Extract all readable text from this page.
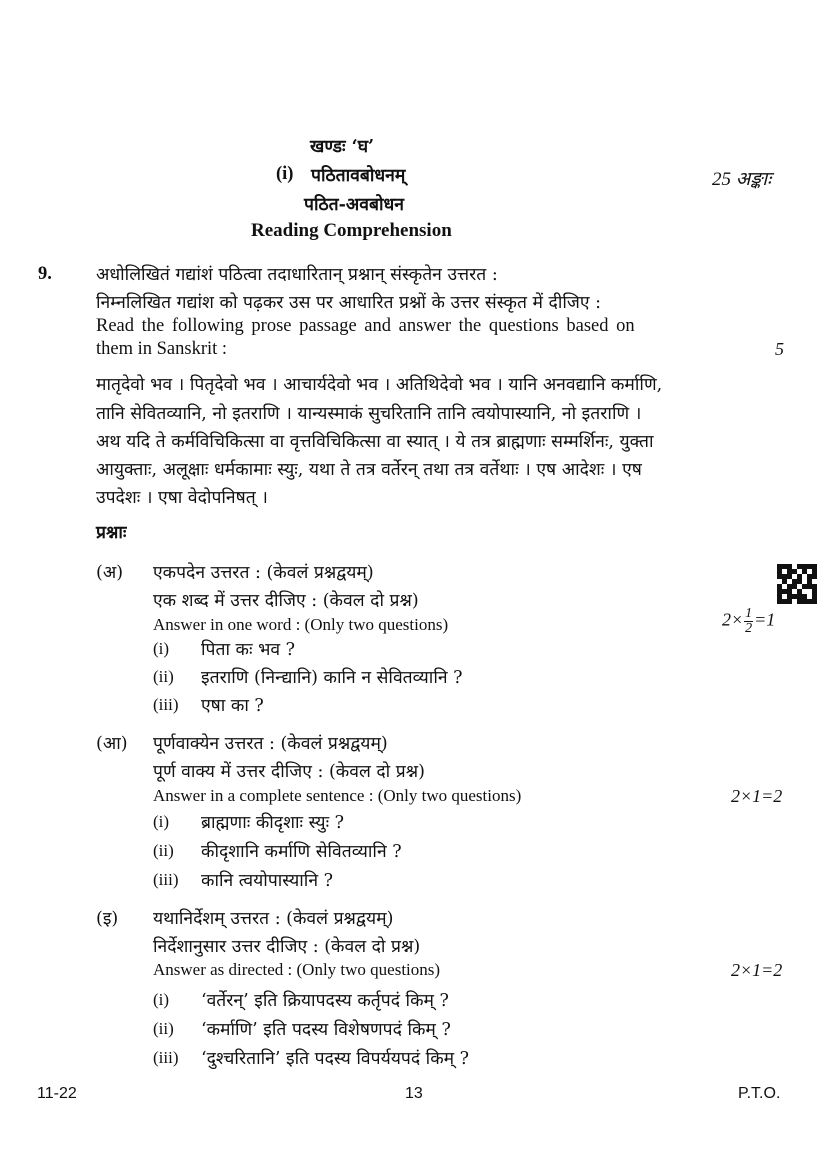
खण्डः ‘घ’
(i) पठितावबोधनम्	25 अङ्काः
पठित-अवबोधन
Reading Comprehension
9.	अधोलिखितं गद्यांशं पठित्वा तदाधारितान् प्रश्नान् संस्कृतेन उत्तरत :
निम्नलिखित गद्यांश को पढ़कर उस पर आधारित प्रश्नों के उत्तर संस्कृत में दीजिए :
Read the following prose passage and answer the questions based on
them in Sanskrit :	5
मातृदेवो भव । पितृदेवो भव । आचार्यदेवो भव । अतिथिदेवो भव । यानि अनवद्यानि कर्माणि,
तानि सेवितव्यानि, नो इतराणि । यान्यस्माकं सुचरितानि तानि त्वयोपास्यानि, नो इतराणि ।
अथ यदि ते कर्मविचिकित्सा वा वृत्तविचिकित्सा वा स्यात् । ये तत्र ब्राह्मणाः सम्मर्शिनः, युक्ता
आयुक्ताः, अलूक्षाः धर्मकामाः स्युः, यथा ते तत्र वर्तेरन् तथा तत्र वर्तेथाः । एष आदेशः । एष
उपदेशः । एषा वेदोपनिषत् ।
प्रश्नाः
(अ) एकपदेन उत्तरत : (केवलं प्रश्नद्वयम्)
एक शब्द में उत्तर दीजिए : (केवल दो प्रश्न)
Answer in one word : (Only two questions)	$2\times \frac{1}{2} =1$
(i) पिता कः भव ?
(ii) इतराणि (निन्द्यानि) कानि न सेवितव्यानि ?
(iii) एषा का ?
(आ) पूर्णवाक्येन उत्तरत : (केवलं प्रश्नद्वयम्)
पूर्ण वाक्य में उत्तर दीजिए : (केवल दो प्रश्न)
Answer in a complete sentence : (Only two questions)	2×1=2
(i) ब्राह्मणाः कीदृशाः स्युः ?
(ii) कीदृशानि कर्माणि सेवितव्यानि ?
(iii) कानि त्वयोपास्यानि ?
(इ) यथानिर्देशम् उत्तरत : (केवलं प्रश्नद्वयम्)
निर्देशानुसार उत्तर दीजिए : (केवल दो प्रश्न)
Answer as directed : (Only two questions)	2×1=2
(i) ‘वर्तेरन्’ इति क्रियापदस्य कर्तृपदं किम् ?
(ii) ‘कर्माणि’ इति पदस्य विशेषणपदं किम् ?
(iii) ‘दुश्चरितानि’ इति पदस्य विपर्ययपदं किम् ?
11-22	13	P.T.O.
